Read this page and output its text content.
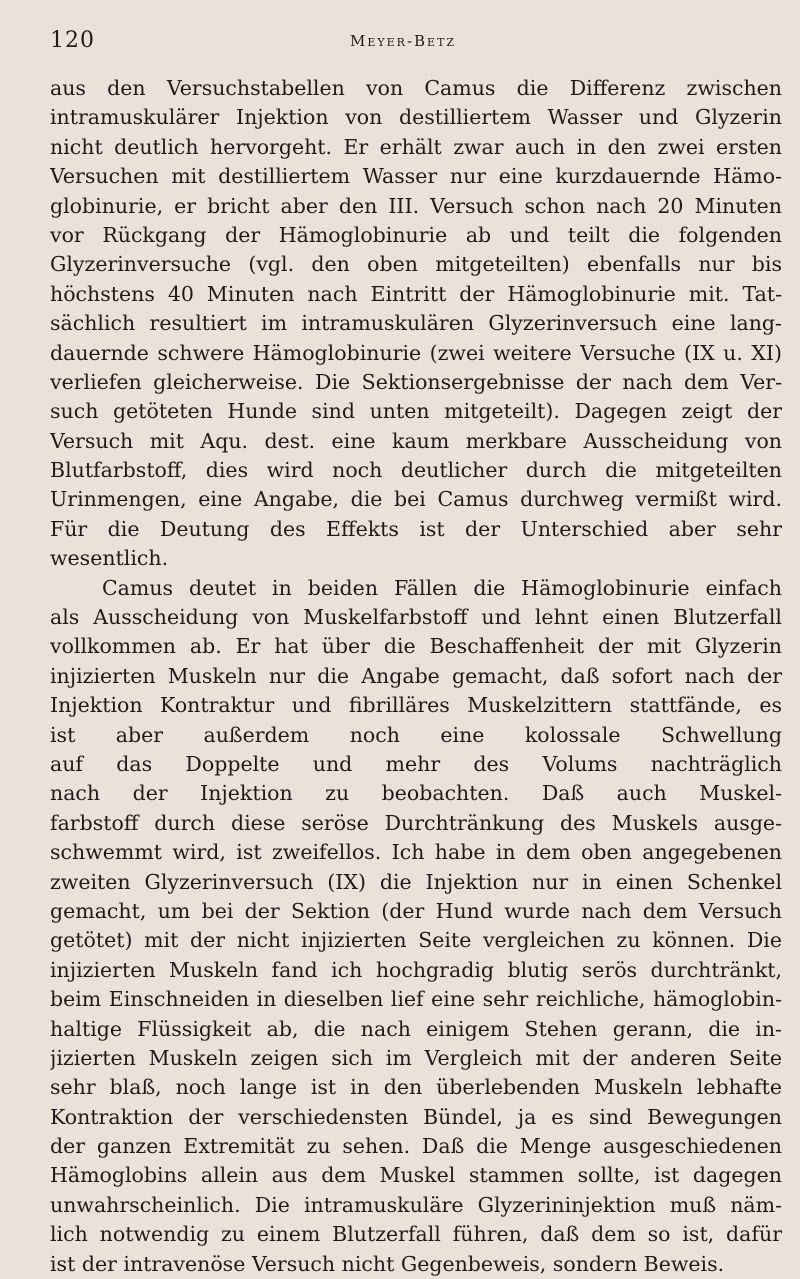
120	Meyer-Betz
aus den Versuchstabellen von Camus die Differenz zwischen
intramuskulärer Injektion von destilliertem Wasser und Glyzerin
nicht deutlich hervorgeht. Er erhält zwar auch in den zwei ersten
Versuchen mit destilliertem Wasser nur eine kurzdauernde Hämo-
globinurie, er bricht aber den III. Versuch schon nach 20 Minuten
vor Rückgang der Hämoglobinurie ab und teilt die folgenden
Glyzerinversuche (vgl. den oben mitgeteilten) ebenfalls nur bis
höchstens 40 Minuten nach Eintritt der Hämoglobinurie mit. Tat-
sächlich resultiert im intramuskulären Glyzerinversuch eine lang-
dauernde schwere Hämoglobinurie (zwei weitere Versuche (IX u. XI)
verliefen gleicherweise. Die Sektionsergebnisse der nach dem Ver-
such getöteten Hunde sind unten mitgeteilt). Dagegen zeigt der
Versuch mit Aqu. dest. eine kaum merkbare Ausscheidung von
Blutfarbstoff, dies wird noch deutlicher durch die mitgeteilten
Urinmengen, eine Angabe, die bei Camus durchweg vermißt wird.
Für die Deutung des Effekts ist der Unterschied aber sehr
wesentlich.
Camus deutet in beiden Fällen die Hämoglobinurie einfach
als Ausscheidung von Muskelfarbstoff und lehnt einen Blutzerfall
vollkommen ab. Er hat über die Beschaffenheit der mit Glyzerin
injizierten Muskeln nur die Angabe gemacht, daß sofort nach der
Injektion Kontraktur und fibrilläres Muskelzittern stattfände, es
ist aber außerdem noch eine kolossale Schwellung
auf das Doppelte und mehr des Volums nachträglich
nach der Injektion zu beobachten. Daß auch Muskel-
farbstoff durch diese seröse Durchtränkung des Muskels ausge-
schwemmt wird, ist zweifellos. Ich habe in dem oben angegebenen
zweiten Glyzerinversuch (IX) die Injektion nur in einen Schenkel
gemacht, um bei der Sektion (der Hund wurde nach dem Versuch
getötet) mit der nicht injizierten Seite vergleichen zu können. Die
injizierten Muskeln fand ich hochgradig blutig serös durchtränkt,
beim Einschneiden in dieselben lief eine sehr reichliche, hämoglobin-
haltige Flüssigkeit ab, die nach einigem Stehen gerann, die in-
jizierten Muskeln zeigen sich im Vergleich mit der anderen Seite
sehr blaß, noch lange ist in den überlebenden Muskeln lebhafte
Kontraktion der verschiedensten Bündel, ja es sind Bewegungen
der ganzen Extremität zu sehen. Daß die Menge ausgeschiedenen
Hämoglobins allein aus dem Muskel stammen sollte, ist dagegen
unwahrscheinlich. Die intramuskuläre Glyzerininjektion muß näm-
lich notwendig zu einem Blutzerfall führen, daß dem so ist, dafür
ist der intravenöse Versuch nicht Gegenbeweis, sondern Beweis.
